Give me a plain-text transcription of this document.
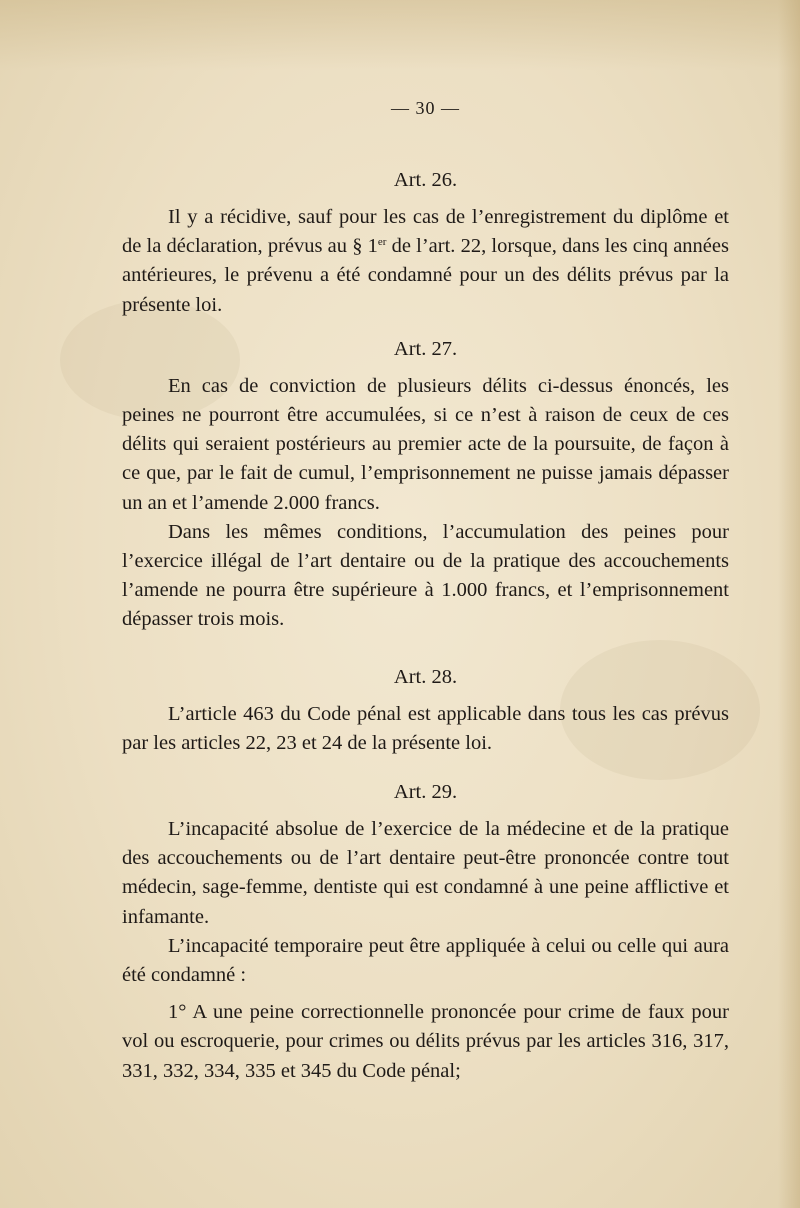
— 30 —
Art. 26.

Il y a récidive, sauf pour les cas de l’enregistrement du diplôme et de la déclaration, prévus au § 1er de l’art. 22, lorsque, dans les cinq années antérieures, le prévenu a été condamné pour un des délits prévus par la présente loi.

Art. 27.

En cas de conviction de plusieurs délits ci-dessus énoncés, les peines ne pourront être accumulées, si ce n’est à raison de ceux de ces délits qui seraient postérieurs au premier acte de la poursuite, de façon à ce que, par le fait de cumul, l’emprisonnement ne puisse jamais dépasser un an et l’amende 2.000 francs.

Dans les mêmes conditions, l’accumulation des peines pour l’exercice illégal de l’art dentaire ou de la pratique des accouchements l’amende ne pourra être supérieure à 1.000 francs, et l’emprisonnement dépasser trois mois.

Art. 28.

L’article 463 du Code pénal est applicable dans tous les cas prévus par les articles 22, 23 et 24 de la présente loi.

Art. 29.

L’incapacité absolue de l’exercice de la médecine et de la pratique des accouchements ou de l’art dentaire peut-être prononcée contre tout médecin, sage-femme, dentiste qui est condamné à une peine afflictive et infamante.

L’incapacité temporaire peut être appliquée à celui ou celle qui aura été condamné :

1° A une peine correctionnelle prononcée pour crime de faux pour vol ou escroquerie, pour crimes ou délits prévus par les articles 316, 317, 331, 332, 334, 335 et 345 du Code pénal;
